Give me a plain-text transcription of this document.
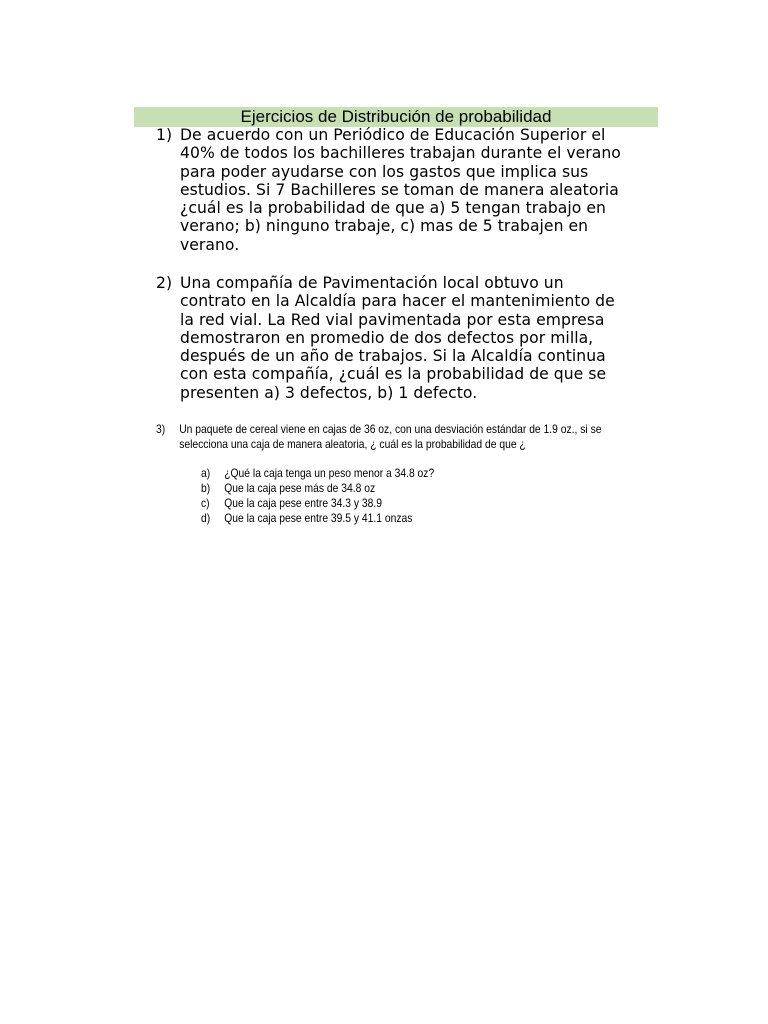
Ejercicios de Distribución de probabilidad
1) De acuerdo con un Periódico de Educación Superior el
40% de todos los bachilleres trabajan durante el verano
para poder ayudarse con los gastos que implica sus
estudios. Si 7 Bachilleres se toman de manera aleatoria
¿cuál es la probabilidad de que a) 5 tengan trabajo en
verano; b) ninguno trabaje, c) mas de 5 trabajen en
verano.
2) Una compañía de Pavimentación local obtuvo un
contrato en la Alcaldía para hacer el mantenimiento de
la red vial. La Red vial pavimentada por esta empresa
demostraron en promedio de dos defectos por milla,
después de un año de trabajos. Si la Alcaldía continua
con esta compañía, ¿cuál es la probabilidad de que se
presenten a) 3 defectos, b) 1 defecto.
3) Un paquete de cereal viene en cajas de 36 oz, con una desviación estándar de 1.9 oz., si se
selecciona una caja de manera aleatoria, ¿ cuál es la probabilidad de que ¿
a) ¿Qué la caja tenga un peso menor a 34.8 oz?
b) Que la caja pese más de 34.8 oz
c) Que la caja pese entre 34.3 y 38.9
d) Que la caja pese entre 39.5 y 41.1 onzas
